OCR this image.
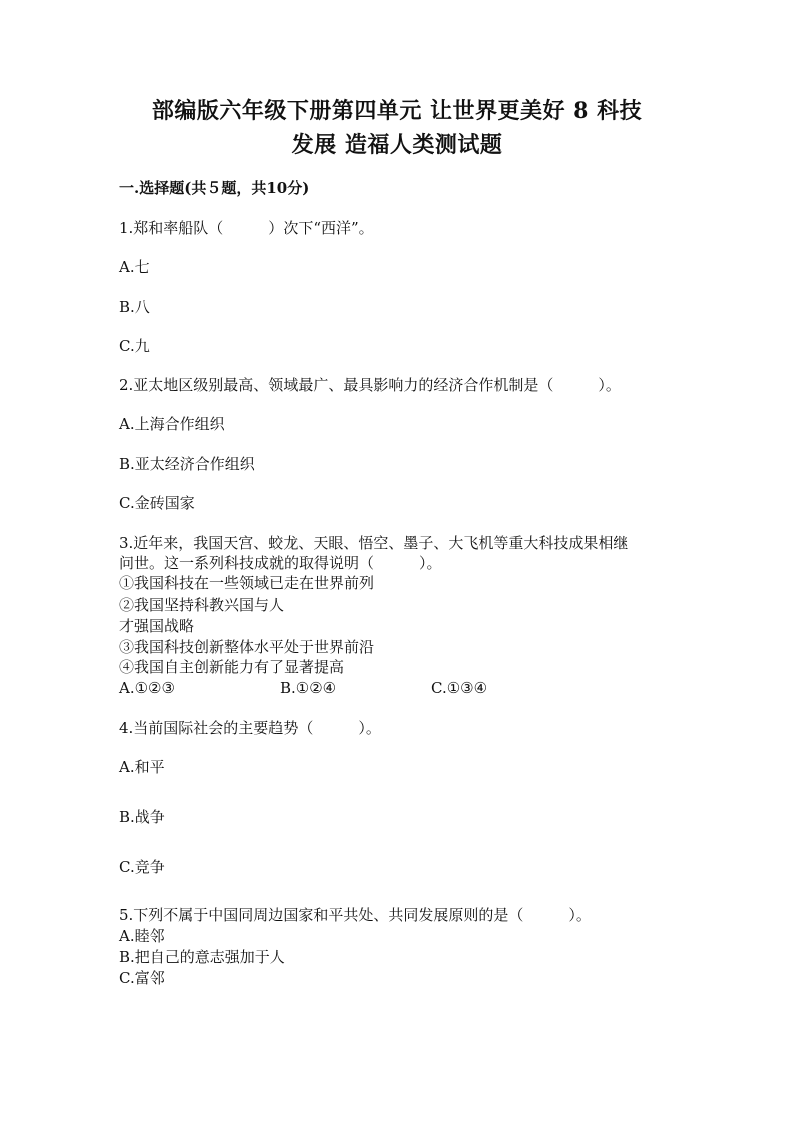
部编版六年级下册第四单元 让世界更美好 8 科技
发展 造福人类测试题
一.选择题(共５题，共10分)
1.郑和率船队（　　　）次下“西洋”。
A.七
B.八
C.九
2.亚太地区级别最高、领域最广、最具影响力的经济合作机制是（　　　）。
A.上海合作组织
B.亚太经济合作组织
C.金砖国家
3.近年来，我国天宫、蛟龙、天眼、悟空、墨子、大飞机等重大科技成果相继
问世。这一系列科技成就的取得说明（　　　）。
①我国科技在一些领域已走在世界前列
②我国坚持科教兴国与人
才强国战略
③我国科技创新整体水平处于世界前沿
④我国自主创新能力有了显著提高
A.①②③	B.①②④	C.①③④
4.当前国际社会的主要趋势（　　　）。
A.和平
B.战争
C.竞争
5.下列不属于中国同周边国家和平共处、共同发展原则的是（　　　）。
A.睦邻
B.把自己的意志强加于人
C.富邻
